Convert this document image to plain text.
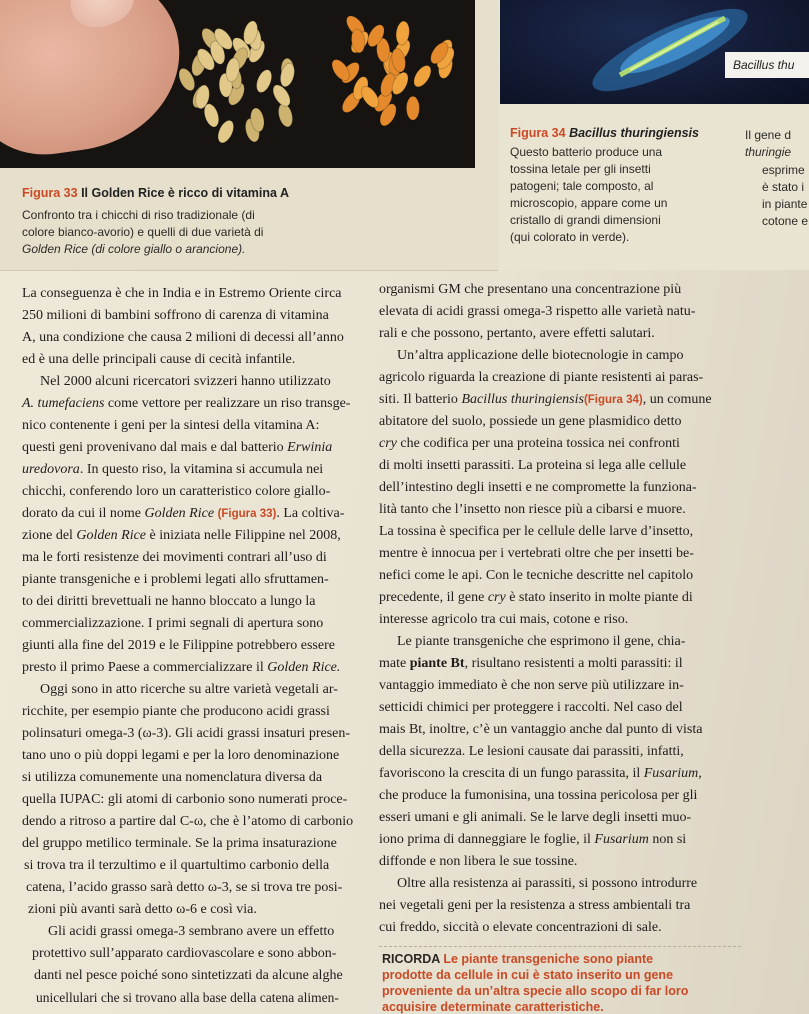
Figura 33 Il Golden Rice è ricco di vitamina A
Confronto tra i chicchi di riso tradizionale (di
colore bianco-avorio) e quelli di due varietà di
Golden Rice (di colore giallo o arancione).
Bacillus thu
Figura 34 Bacillus thuringiensis
Questo batterio produce una
tossina letale per gli insetti
patogeni; tale composto, al
microscopio, appare come un
cristallo di grandi dimensioni
(qui colorato in verde).
Il gene d
thuringie
esprime
è stato i
in piante
cotone e
La conseguenza è che in India e in Estremo Oriente circa
250 milioni di bambini soffrono di carenza di vitamina
A, una condizione che causa 2 milioni di decessi all’anno
ed è una delle principali cause di cecità infantile.
Nel 2000 alcuni ricercatori svizzeri hanno utilizzato
A. tumefaciens come vettore per realizzare un riso transge-
nico contenente i geni per la sintesi della vitamina A:
questi geni provenivano dal mais e dal batterio Erwinia
uredovora. In questo riso, la vitamina si accumula nei
chicchi, conferendo loro un caratteristico colore giallo-
dorato da cui il nome Golden Rice (Figura 33). La coltiva-
zione del Golden Rice è iniziata nelle Filippine nel 2008,
ma le forti resistenze dei movimenti contrari all’uso di
piante transgeniche e i problemi legati allo sfruttamen-
to dei diritti brevettuali ne hanno bloccato a lungo la
commercializzazione. I primi segnali di apertura sono
giunti alla fine del 2019 e le Filippine potrebbero essere
presto il primo Paese a commercializzare il Golden Rice.
Oggi sono in atto ricerche su altre varietà vegetali ar-
ricchite, per esempio piante che producono acidi grassi
polinsaturi omega-3 (ω-3). Gli acidi grassi insaturi presen-
tano uno o più doppi legami e per la loro denominazione
si utilizza comunemente una nomenclatura diversa da
quella IUPAC: gli atomi di carbonio sono numerati proce-
dendo a ritroso a partire dal C-ω, che è l’atomo di carbonio
del gruppo metilico terminale. Se la prima insaturazione
si trova tra il terzultimo e il quartultimo carbonio della
catena, l’acido grasso sarà detto ω-3, se si trova tre posi-
zioni più avanti sarà detto ω-6 e così via.
Gli acidi grassi omega-3 sembrano avere un effetto
protettivo sull’apparato cardiovascolare e sono abbon-
danti nel pesce poiché sono sintetizzati da alcune alghe
unicellulari che si trovano alla base della catena alimen-
organismi GM che presentano una concentrazione più
elevata di acidi grassi omega-3 rispetto alle varietà natu-
rali e che possono, pertanto, avere effetti salutari.
Un’altra applicazione delle biotecnologie in campo
agricolo riguarda la creazione di piante resistenti ai paras-
siti. Il batterio Bacillus thuringiensis(Figura 34), un comune
abitatore del suolo, possiede un gene plasmidico detto
cry che codifica per una proteina tossica nei confronti
di molti insetti parassiti. La proteina si lega alle cellule
dell’intestino degli insetti e ne compromette la funziona-
lità tanto che l’insetto non riesce più a cibarsi e muore.
La tossina è specifica per le cellule delle larve d’insetto,
mentre è innocua per i vertebrati oltre che per insetti be-
nefici come le api. Con le tecniche descritte nel capitolo
precedente, il gene cry è stato inserito in molte piante di
interesse agricolo tra cui mais, cotone e riso.
Le piante transgeniche che esprimono il gene, chia-
mate piante Bt, risultano resistenti a molti parassiti: il
vantaggio immediato è che non serve più utilizzare in-
setticidi chimici per proteggere i raccolti. Nel caso del
mais Bt, inoltre, c’è un vantaggio anche dal punto di vista
della sicurezza. Le lesioni causate dai parassiti, infatti,
favoriscono la crescita di un fungo parassita, il Fusarium,
che produce la fumonisina, una tossina pericolosa per gli
esseri umani e gli animali. Se le larve degli insetti muo-
iono prima di danneggiare le foglie, il Fusarium non si
diffonde e non libera le sue tossine.
Oltre alla resistenza ai parassiti, si possono introdurre
nei vegetali geni per la resistenza a stress ambientali tra
cui freddo, siccità o elevate concentrazioni di sale.
RICORDA Le piante transgeniche sono piante
prodotte da cellule in cui è stato inserito un gene
proveniente da un’altra specie allo scopo di far loro
acquisire determinate caratteristiche.
